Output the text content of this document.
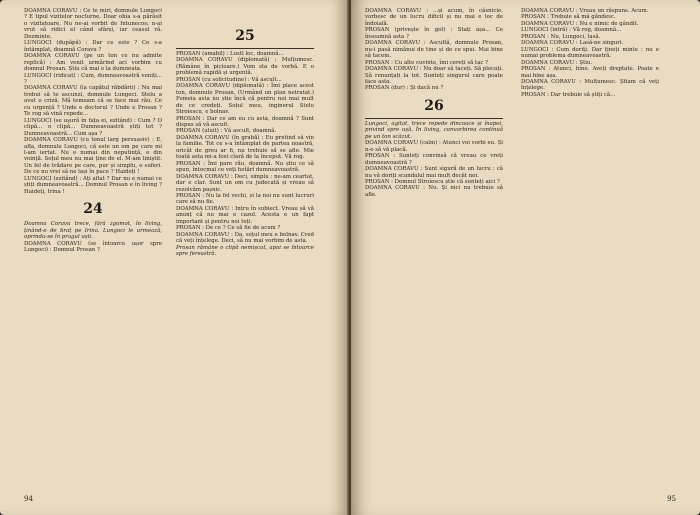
DOAMNA CORAVU : Ce te miri, domnule Lungoci ? E tipul vizitelor nocturne. Doar ohia s-a părăsit o vizitatoare. Nu ne-ai vorbit de Intunecos; n-ai vrut să ridici el când sfârși, iar ceasul ră. Dezminte.

LUNGOCI (dupăpă) : Dar ce este ? Ce s-a întâmplat, doamnă Coravu ?

DOAMNA CORAVU (pe un ton ce nu admite replică) : Am venit urmărind aci vorbim cu domnul Prosan. Știu că mai e la dumneata.

LUNGOCI (ridicat) : Cum, dumneavoastră veniți... ?

DOAMNA CORAVU (la capătul răbdării) : Nu mai trebui să te ascunzi, domnule Lungoci. Stelu a avut o criză. Mă temeam că se face mai rău. Ce cu urgență ? Unde e doctorul ? Unde e Prosan ? Te rog să vină repede...

LUNGOCI (se ușură în fața ei, ezitând) : Cum ? O clipă... o clipă... Dumneavoastră știți tot ? Dumneavoastră... Cum așa ?

DOAMNA CORAVU (cu tonul larg persuasiv) : E, afla, domnule Lungoci, că este un om pe care mi l-am iertat. Nu e numai din neputință, e din voință. Soțul meu nu mai ține de el. M-am liniștit. Un fel de trădare pe care, pur și simplu, o suferi. De ce nu vrei să ne lași în pace ? Haideți !

LUNGOCI (ezitând) : Ați aflat ? Dar nu e numai ce știți dumneavoastră... Domnul Prosan e în living ? Haideți, Irina !

24

Doamna Coravu trece, fără zgomot, în living, ținând-o de braț pe Irina. Lungoci le urmează, oprindu-se în pragul ușii.

DOAMNA CORAVU (se întoarce ușor spre Lungoci) : Domnul Prosan ?

25

PROSAN (amabil) : Lustl loc, doamnă...

DOAMNA CORAVU (diplomată) : Mulțumesc. (Rămâne în picioare.) Vom sta de vorbă. E o problemă rapidă și urgentă.

PROSAN (cu solicitudine) : Vă ascult...

DOAMNA CORAVU (diplomată) : Îmi place acest ton, domnule Prosan. (Urmând un plan netratat.) Femeia asta nu știe încă că pentru noi mai mult de ce credeți. Soțul meu, inginerul Stelu Stroiescu, e bolnav.

PROSAN : Dar ce am eu cu asta, doamnă ? Sunt dispus să vă ascult.

PROSAN (uluit) : Vă ascult, doamnă.

DOAMNA CORAVU (în grabă) : Eu pretind să vin la familie. Tot ce s-a întâmplat de partea noastră, oricât de greu ar fi, nu trebuie să se afle. Mie toată asta mi-a fost clară de la început. Vă rog.

PROSAN : Îmi pare rău, doamnă. Nu știu ce să spun, întocmai ce veți hotărî dumneavoastră.

DOAMNA CORAVU : Deci, simplu : ne-am ceartat, dar e clar. Sunt un om cu judecată și vreau să rezolvăm pașnic.

PROSAN : Nu la fel vechi, și la noi nu sunt lucruri care să nu fie.

DOAMNA CORAVU : Intru în subiect. Vreau să vă anunț că nu mai e cazul. Acesta e un fapt important și pentru noi toți.

PROSAN : De ce ? Ce să fie de acum ?

DOAMNA CORAVU : Da, soțul meu e bolnav. Cred că veți înțelege. Deci, să nu mai vorbim de asta.

Prosan rămâne o clipă nemișcat, apoi se întoarce spre fereastră.

94

DOAMNA CORAVU : ...și acum, în căsnicie, vorbesc de un lucru dificil și nu mai e loc de îndoială.

PROSAN (privește în gol) : Stați așa... Ce înseamnă asta ?

DOAMNA CORAVU : Ascultă, domnule Prosan, nu-i pasă nimănui de tine și de ce spui. Mai bine să tacem.

PROSAN : Cu alte cuvinte, îmi cereți să tac ?

DOAMNA CORAVU : Nu doar să taceți. Să plecați. Să renunțați la tot. Sunteți singurul care poate face asta.

PROSAN (dur) : Și dacă nu ?

26

Lungoci, agitat, trece repede dincoace și înapoi, privind spre ușă. În living, convorbirea continuă pe un ton scăzut.

DOAMNA CORAVU (calm) : Atunci voi vorbi eu. Și n-o să vă placă.

PROSAN : Sunteți convinsă că vreau ce vreți dumneavoastră ?

DOAMNA CORAVU : Sunt sigură de un lucru : că nu vă doriți scandalul mai mult decât noi.

PROSAN : Domnul Stroiescu știe că sunteți aici ?

DOAMNA CORAVU : Nu. Și nici nu trebuie să afle.

DOAMNA CORAVU : Vreau un răspuns. Acum.

PROSAN : Trebuie să mă gândesc.

DOAMNA CORAVU : Nu e nimic de gândit.

LUNGOCI (intră) : Vă rog, doamnă...

PROSAN : Nu, Lungoci, lasă.

DOAMNA CORAVU : Lasă-ne singuri.

LUNGOCI : Cum doriți. Dar țineți minte : nu e numai problema dumneavoastră.

DOAMNA CORAVU : Știu.

PROSAN : Atunci, bine. Aveți dreptate. Poate e mai bine așa.

DOAMNA CORAVU : Mulțumesc. Știam că veți înțelege.

PROSAN : Dar trebuie să știți că...

95
